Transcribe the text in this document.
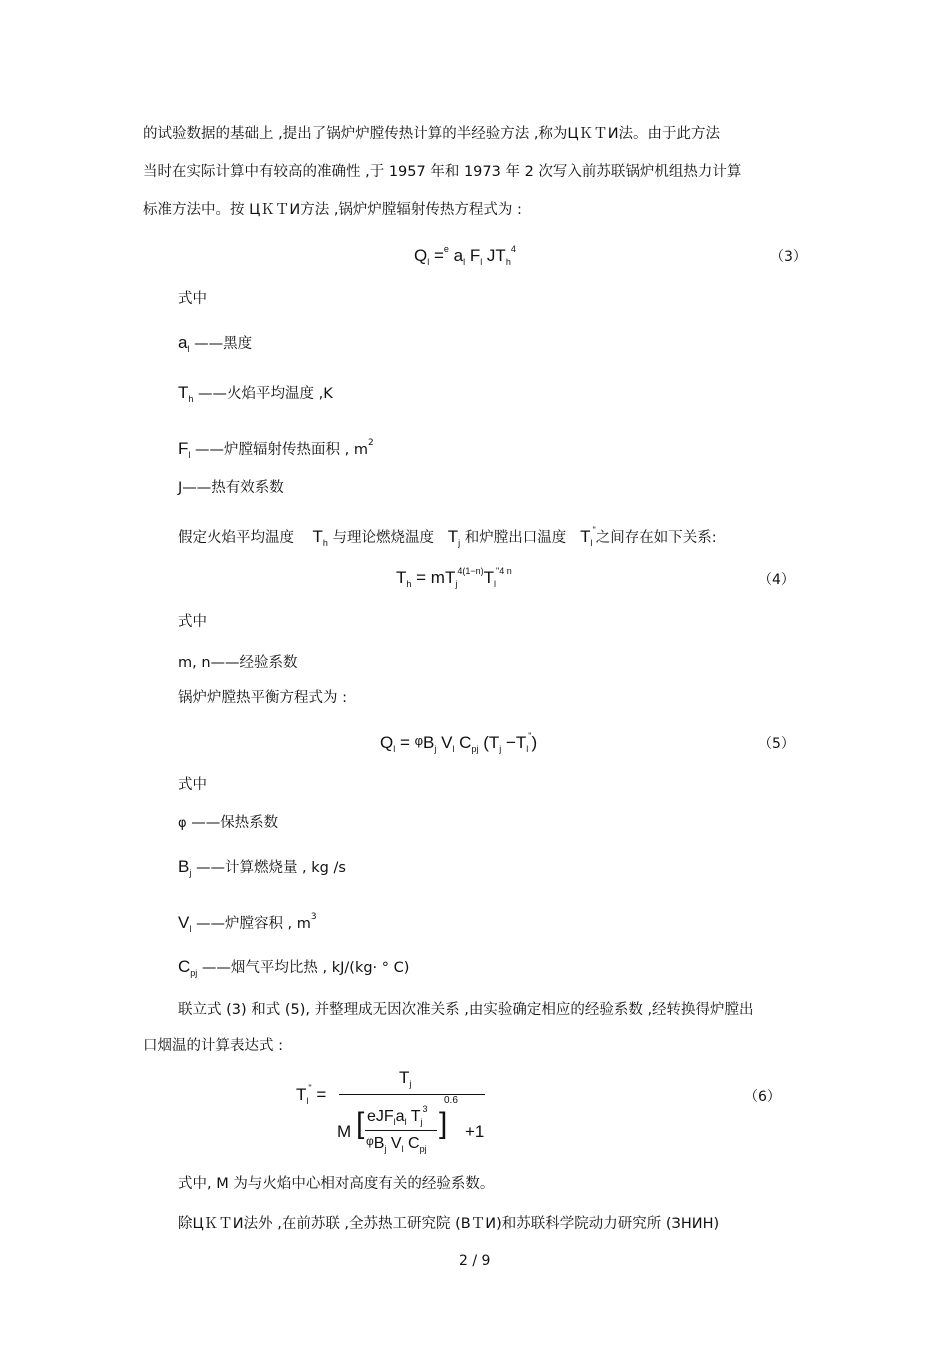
的试验数据的基础上 ,提出了锅炉炉膛传热计算的半经验方法 ,称为ЦＫＴИ法。由于此方法
当时在实际计算中有较高的准确性 ,于 1957 年和 1973 年 2 次写入前苏联锅炉机组热力计算
标准方法中。按 ЦＫＴИ方法 ,锅炉炉膛辐射传热方程式为 :
$Q_l =^e$ $a_l$ $F_l$ $JT_h^4$	（3）
式中
$a_l$ ——黑度
$T_h$ ——火焰平均温度 ,K
$F_l$ ——炉膛辐射传热面积 , $m^2$
J——热有效系数
假定火焰平均温度 $T_h$ 与理论燃烧温度 $T_j$ 和炉膛出口温度 $T_l^"$之间存在如下关系:
$T_h = mT_j^{4(1-n)}T_l^{"4 n}$
（4）
式中
m, n——经验系数
锅炉炉膛热平衡方程式为 :
$Q_l = \varphi B_j$ $V_l$ $C_{pj}$ $(T_j -T_l^")$	（5）
式中
φ ——保热系数
$B_j$ ——计算燃烧量 , kg /s
$V_l$ ——炉膛容积 , $m^3$
$C_{pj}$ ——烟气平均比热 , kJ/(kg· ° C)
联立式 (3) 和式 (5), 并整理成无因次准关系 ,由实验确定相应的经验系数 ,经转换得炉膛出
口烟温的计算表达式 :
$T_l^"$ =
$T_j$
M [ $eJF_la_l$ $T_j^3$
$\varphi B_j$ $V_l$ $C_{pj}$
]
0.6
+1
（6）
式中, M 为与火焰中心相对高度有关的经验系数。
除ЦＫＴИ法外 ,在前苏联 ,全苏热工研究院 (ВＴИ)和苏联科学院动力研究所 (ЗНИН)
2 / 9
